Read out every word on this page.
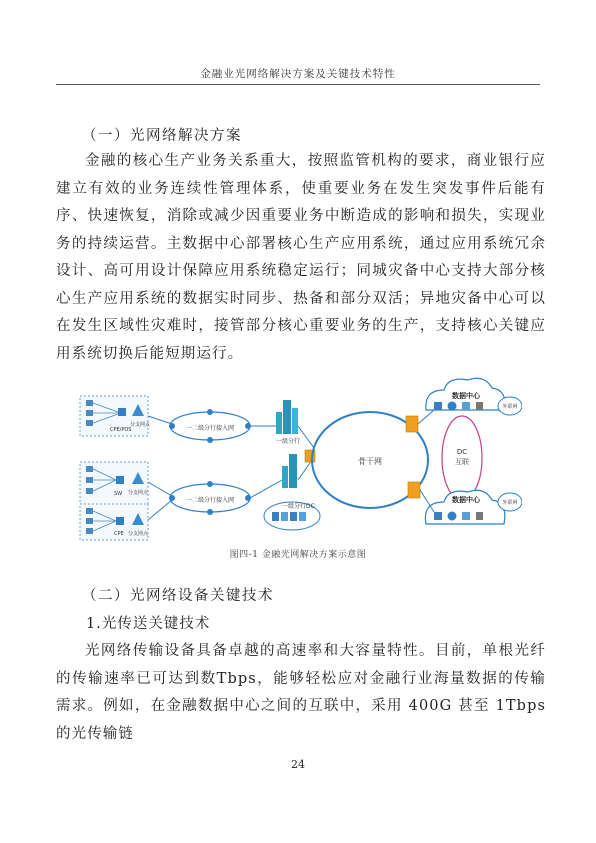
金融业光网络解决方案及关键技术特性
（一）光网络解决方案

金融的核心生产业务关系重大，按照监管机构的要求，商业银行应建立有效的业务连续性管理体系，使重要业务在发生突发事件后能有序、快速恢复，消除或减少因重要业务中断造成的影响和损失，实现业务的持续运营。主数据中心部署核心生产应用系统，通过应用系统冗余设计、高可用设计保障应用系统稳定运行；同城灾备中心支持大部分核心生产应用系统的数据实时同步、热备和部分双活；异地灾备中心可以在发生区域性灾难时，接管部分核心重要业务的生产，支持核心关键应用系统切换后能短期运行。

CPE/POS
分支网点
SW 分支网点
CPE 分支网点
一二级分行接入网
一二级分行接入网
一级分行
一级分行DC
骨干网
数据中心
外联网
DC
互联
数据中心	外联网
图四-1 金融光网解决方案示意图
（二）光网络设备关键技术
1.光传送关键技术

光网络传输设备具备卓越的高速率和大容量特性。目前，单根光纤的传输速率已可达到数Tbps，能够轻松应对金融行业海量数据的传输需求。例如，在金融数据中心之间的互联中，采用 400G 甚至 1Tbps 的光传输链

24
